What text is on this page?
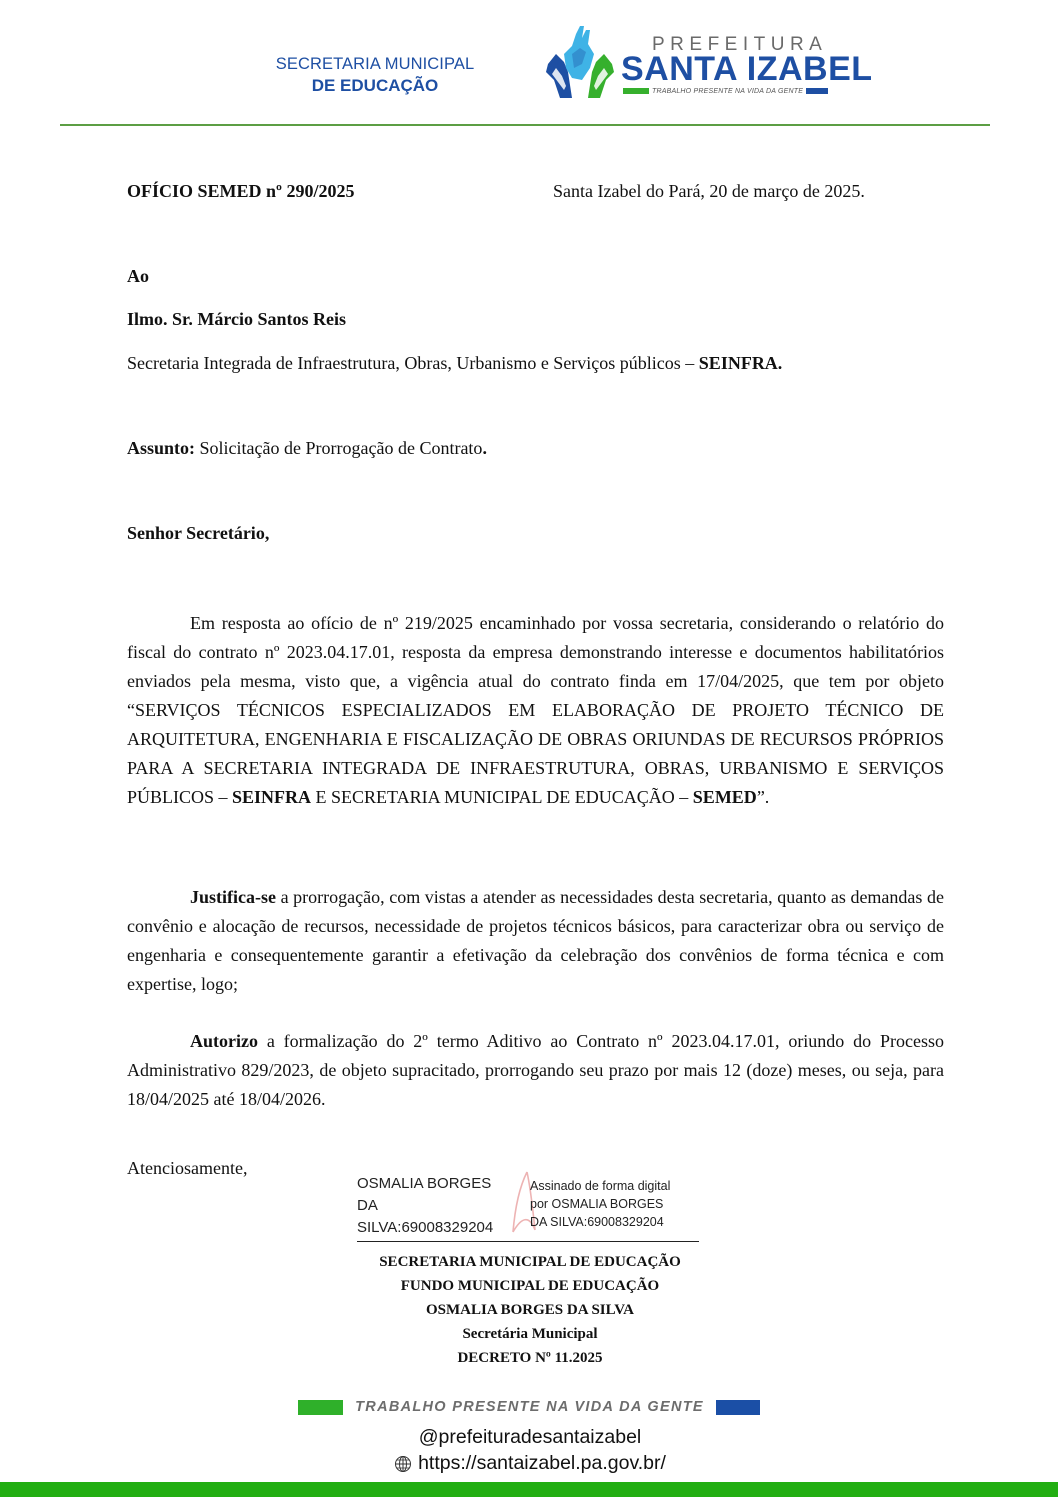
SECRETARIA MUNICIPAL
DE EDUCAÇÃO
PREFEITURA
SANTA IZABEL
TRABALHO PRESENTE NA VIDA DA GENTE
OFÍCIO SEMED nº 290/2025	Santa Izabel do Pará, 20 de março de 2025.
Ao
Ilmo. Sr. Márcio Santos Reis
Secretaria Integrada de Infraestrutura, Obras, Urbanismo e Serviços públicos – SEINFRA.
Assunto: Solicitação de Prorrogação de Contrato.
Senhor Secretário,
Em resposta ao ofício de nº 219/2025 encaminhado por vossa secretaria, considerando o relatório do fiscal do contrato nº 2023.04.17.01, resposta da empresa demonstrando interesse e documentos habilitatórios enviados pela mesma, visto que, a vigência atual do contrato finda em 17/04/2025, que tem por objeto “SERVIÇOS TÉCNICOS ESPECIALIZADOS EM ELABORAÇÃO DE PROJETO TÉCNICO DE ARQUITETURA, ENGENHARIA E FISCALIZAÇÃO DE OBRAS ORIUNDAS DE RECURSOS PRÓPRIOS PARA A SECRETARIA INTEGRADA DE INFRAESTRUTURA, OBRAS, URBANISMO E SERVIÇOS PÚBLICOS – SEINFRA E SECRETARIA MUNICIPAL DE EDUCAÇÃO – SEMED”.
Justifica-se a prorrogação, com vistas a atender as necessidades desta secretaria, quanto as demandas de convênio e alocação de recursos, necessidade de projetos técnicos básicos, para caracterizar obra ou serviço de engenharia e consequentemente garantir a efetivação da celebração dos convênios de forma técnica e com expertise, logo;
Autorizo a formalização do 2º termo Aditivo ao Contrato nº 2023.04.17.01, oriundo do Processo Administrativo 829/2023, de objeto supracitado, prorrogando seu prazo por mais 12 (doze) meses, ou seja, para 18/04/2025 até 18/04/2026.
Atenciosamente,
OSMALIA BORGES
DA
SILVA:69008329204
Assinado de forma digital
por OSMALIA BORGES
DA SILVA:69008329204
SECRETARIA MUNICIPAL DE EDUCAÇÃO
FUNDO MUNICIPAL DE EDUCAÇÃO
OSMALIA BORGES DA SILVA
Secretária Municipal
DECRETO Nº 11.2025
TRABALHO PRESENTE NA VIDA DA GENTE
@prefeituradesantaizabel
https://santaizabel.pa.gov.br/
